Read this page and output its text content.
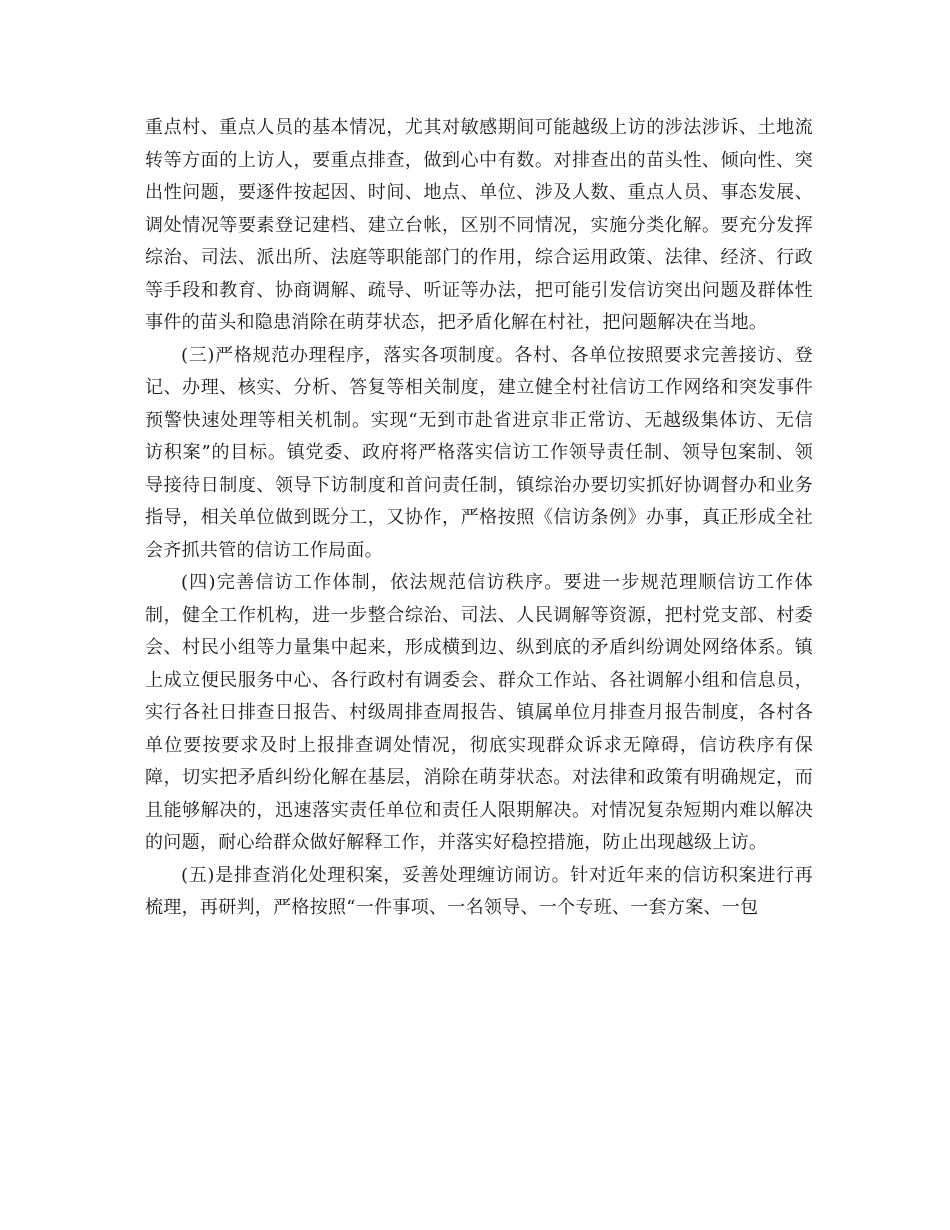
重点村、重点人员的基本情况，尤其对敏感期间可能越级上访的涉法涉诉、土地流转等方面的上访人，要重点排查，做到心中有数。对排查出的苗头性、倾向性、突出性问题，要逐件按起因、时间、地点、单位、涉及人数、重点人员、事态发展、调处情况等要素登记建档、建立台帐，区别不同情况，实施分类化解。要充分发挥综治、司法、派出所、法庭等职能部门的作用，综合运用政策、法律、经济、行政等手段和教育、协商调解、疏导、听证等办法，把可能引发信访突出问题及群体性事件的苗头和隐患消除在萌芽状态，把矛盾化解在村社，把问题解决在当地。

(三)严格规范办理程序，落实各项制度。各村、各单位按照要求完善接访、登记、办理、核实、分析、答复等相关制度，建立健全村社信访工作网络和突发事件预警快速处理等相关机制。实现“无到市赴省进京非正常访、无越级集体访、无信访积案”的目标。镇党委、政府将严格落实信访工作领导责任制、领导包案制、领导接待日制度、领导下访制度和首问责任制，镇综治办要切实抓好协调督办和业务指导，相关单位做到既分工，又协作，严格按照《信访条例》办事，真正形成全社会齐抓共管的信访工作局面。

(四)完善信访工作体制，依法规范信访秩序。要进一步规范理顺信访工作体制，健全工作机构，进一步整合综治、司法、人民调解等资源，把村党支部、村委会、村民小组等力量集中起来，形成横到边、纵到底的矛盾纠纷调处网络体系。镇上成立便民服务中心、各行政村有调委会、群众工作站、各社调解小组和信息员，实行各社日排查日报告、村级周排查周报告、镇属单位月排查月报告制度，各村各单位要按要求及时上报排查调处情况，彻底实现群众诉求无障碍，信访秩序有保障，切实把矛盾纠纷化解在基层，消除在萌芽状态。对法律和政策有明确规定，而且能够解决的，迅速落实责任单位和责任人限期解决。对情况复杂短期内难以解决的问题，耐心给群众做好解释工作，并落实好稳控措施，防止出现越级上访。

(五)是排查消化处理积案，妥善处理缠访闹访。针对近年来的信访积案进行再梳理，再研判，严格按照“一件事项、一名领导、一个专班、一套方案、一包
